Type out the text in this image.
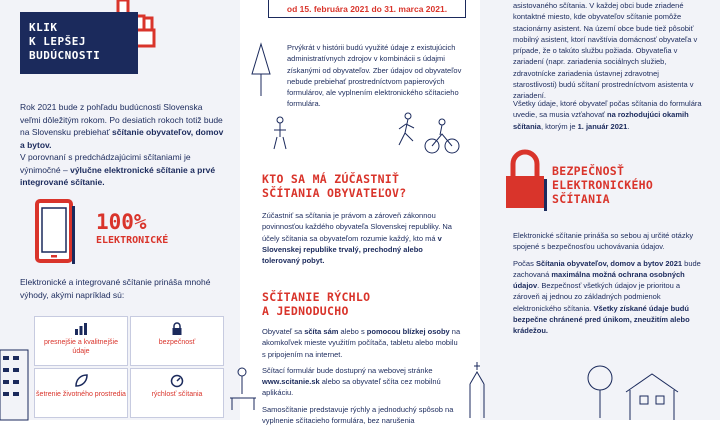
KLIK
K LEPŠEJ
BUDÚCNOSTI
Rok 2021 bude z pohľadu budúcnosti Slovenska veľmi dôležitým rokom. Po desiatich rokoch totiž bude na Slovensku prebiehať sčítanie obyvateľov, domov a bytov.
V porovnaní s predchádzajúcimi sčítaniami je výnimočné – výlučne elektronické sčítanie a prvé integrované sčítanie.
100%
ELEKTRONICKÉ
Elektronické a integrované sčítanie prináša mnohé výhody, akými napríklad sú:
presnejšie a kvalitnejšie údaje
bezpečnosť
šetrenie životného prostredia	rýchlosť sčítania
od 15. februára 2021 do 31. marca 2021.
Prvýkrát v histórii budú využité údaje z existujúcich administratívnych zdrojov v kombinácii s údajmi získanými od obyvateľov. Zber údajov od obyvateľov nebude prebiehať prostredníctvom papierových formulárov, ale vyplnením elektronického sčítacieho formulára.
KTO SA MÁ ZÚČASTNIŤ
SČÍTANIA OBYVATEĽOV?
Zúčastniť sa sčítania je právom a zároveň zákonnou povinnosťou každého obyvateľa Slovenskej republiky. Na účely sčítania sa obyvateľom rozumie každý, kto má v Slovenskej republike trvalý, prechodný alebo tolerovaný pobyt.
SČÍTANIE RÝCHLO
A JEDNODUCHO

Obyvateľ sa sčíta sám alebo s pomocou blízkej osoby na akomkoľvek mieste využitím počítača, tabletu alebo mobilu s pripojením na internet.

Sčítací formulár bude dostupný na webovej stránke www.scitanie.sk alebo sa obyvateľ sčíta cez mobilnú aplikáciu.

Samosčítanie predstavuje rýchly a jednoduchý spôsob na vyplnenie sčítacieho formulára, bez narušenia

asistovaného sčítania. V každej obci bude zriadené kontaktné miesto, kde obyvateľov sčítanie pomôže stacionárny asistent. Na území obce bude tiež pôsobiť mobilný asistent, ktorí navštívia domácnosť obyvateľa v prípade, že o takúto službu požiada. Obyvateľia v zariadení (napr. zariadenia sociálnych služieb, zdravotnícke zariadenia ústavnej zdravotnej starostlivosti) budú sčítaní prostredníctvom asistenta v zariadení.
Všetky údaje, ktoré obyvateľ počas sčítania do formulára uvedie, sa musia vzťahovať na rozhodujúci okamih sčítania, ktorým je 1. január 2021.
BEZPEČNOSŤ
ELEKTRONICKÉHO
SČÍTANIA

Elektronické sčítanie prináša so sebou aj určité otázky spojené s bezpečnosťou uchovávania údajov.

Počas Sčítania obyvateľov, domov a bytov 2021 bude zachovaná maximálna možná ochrana osobných údajov. Bezpečnosť všetkých údajov je prioritou a zároveň aj jednou zo základných podmienok elektronického sčítania. Všetky získané údaje budú bezpečne chránené pred únikom, zneužitím alebo krádežou.
